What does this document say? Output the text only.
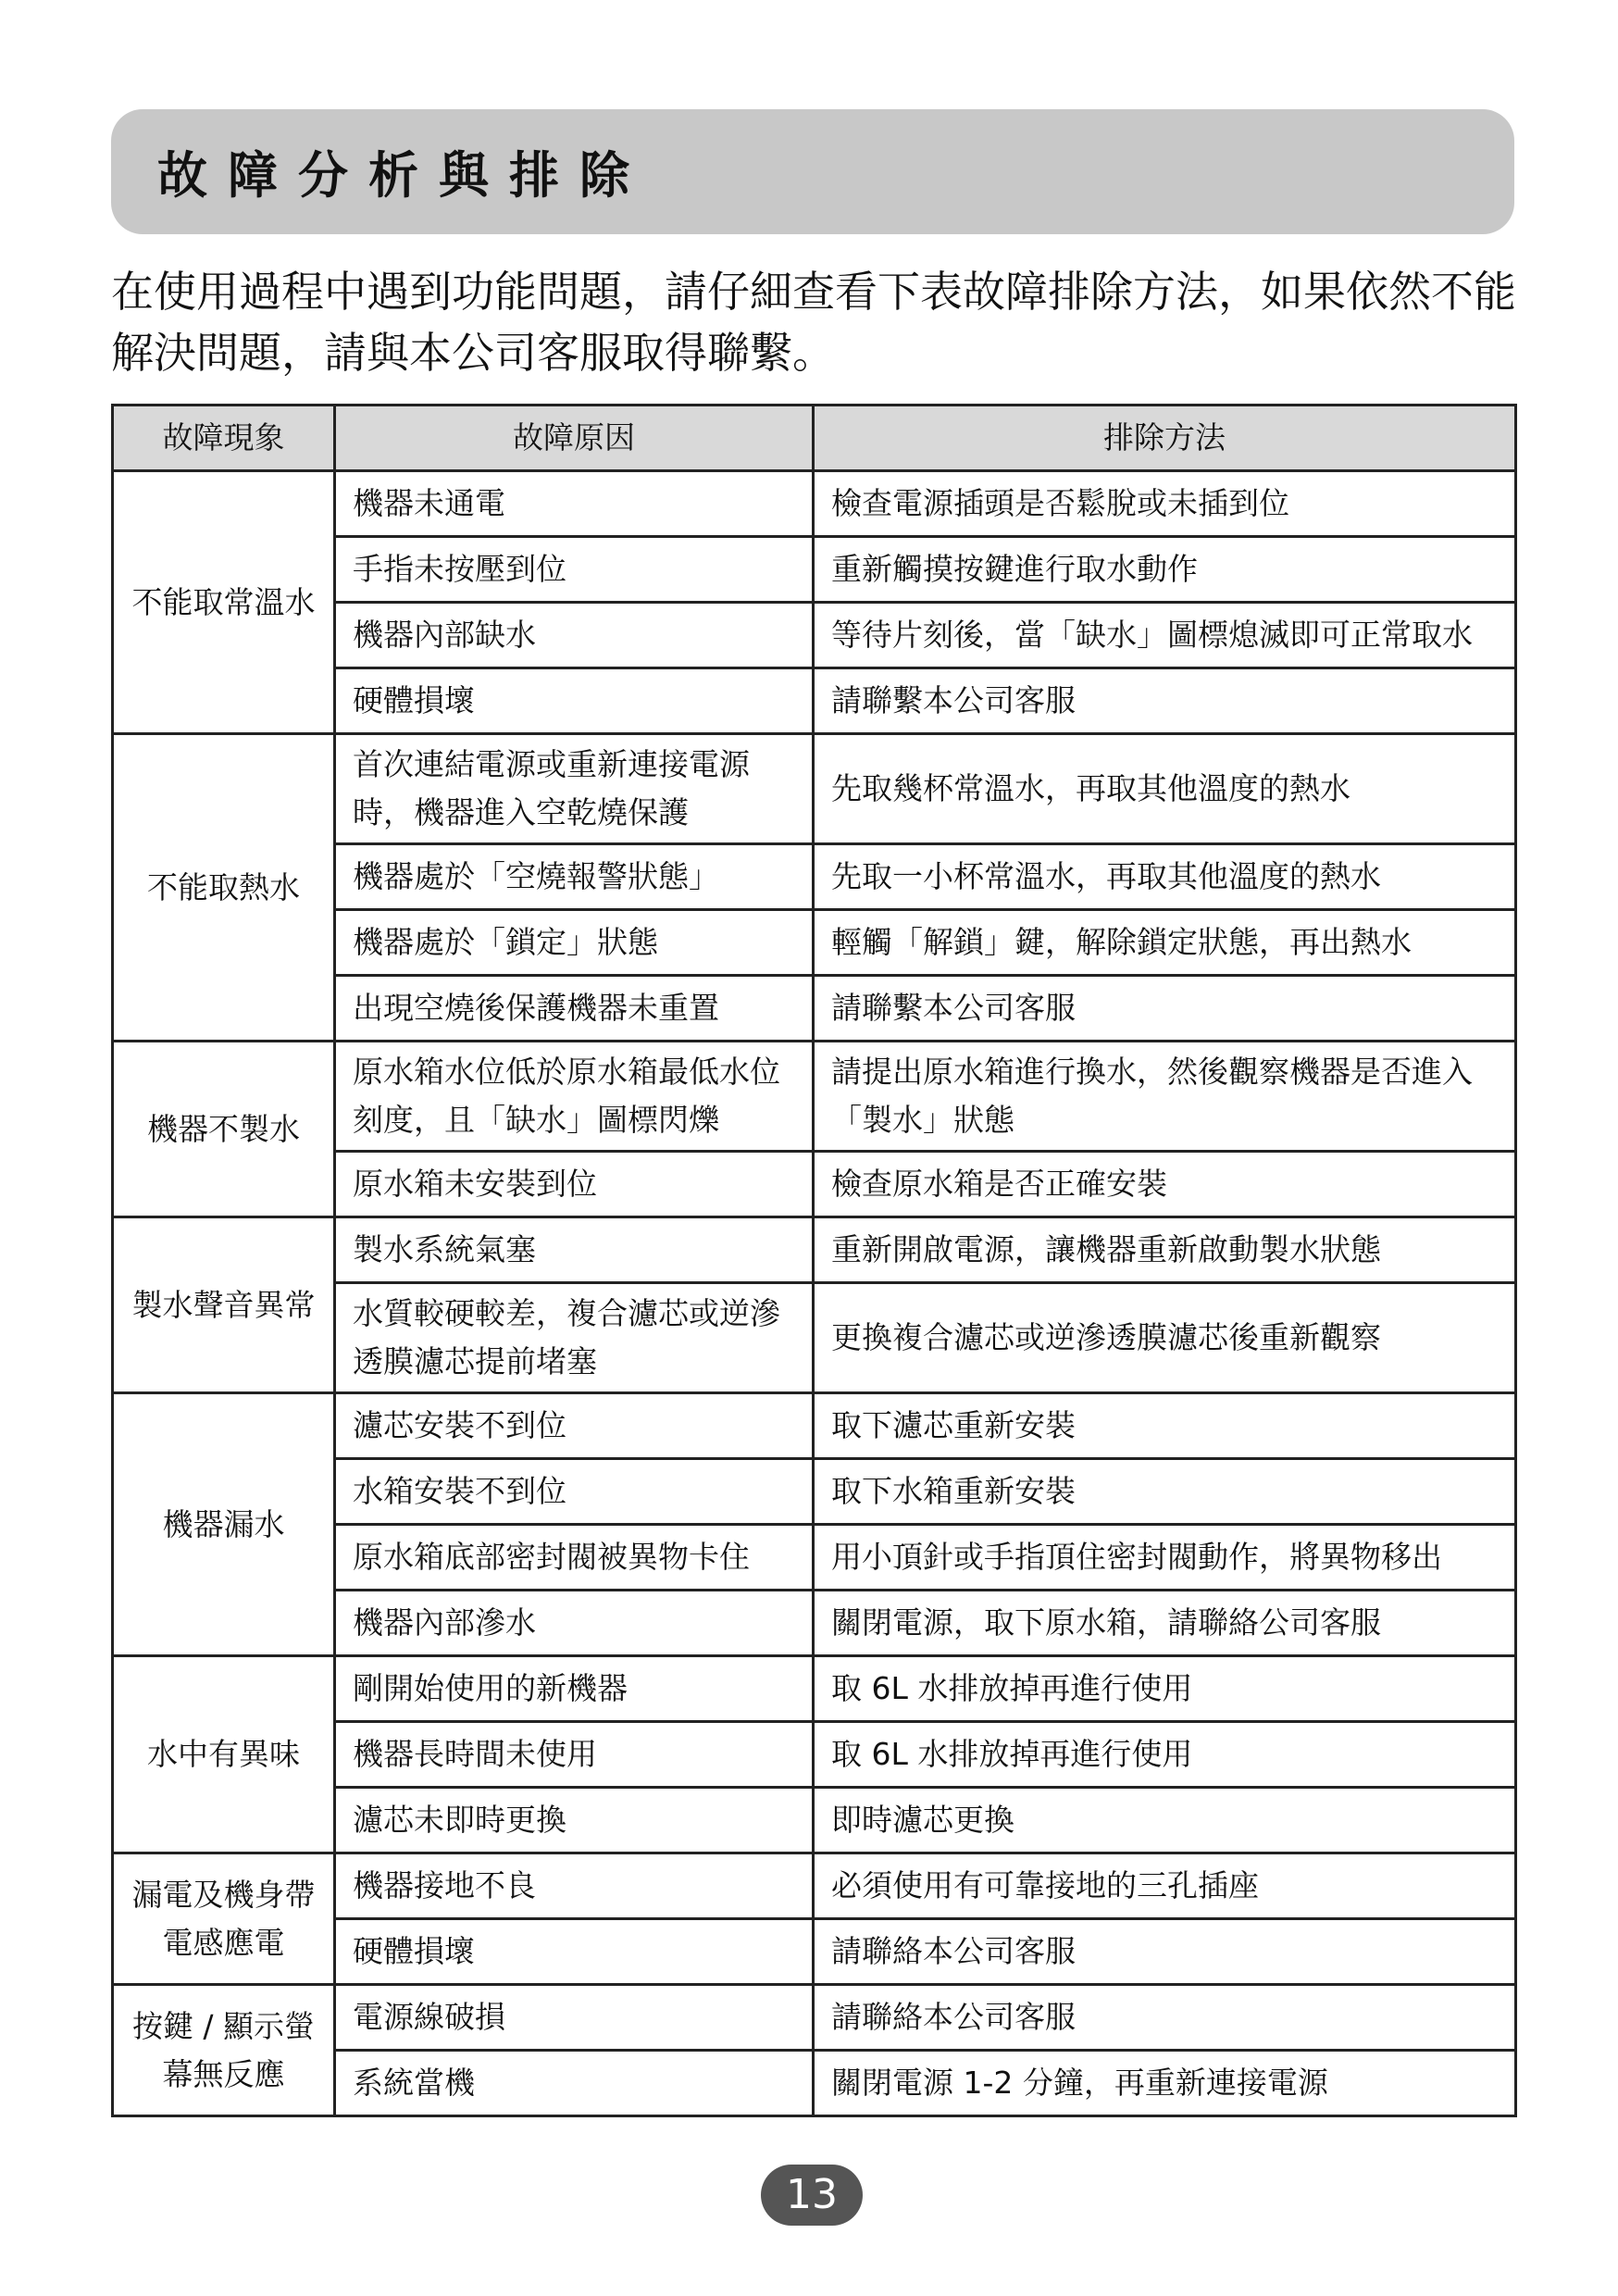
故障分析與排除

在使用過程中遇到功能問題，請仔細查看下表故障排除方法，如果依然不能解決問題，請與本公司客服取得聯繫。

故障現象	故障原因	排除方法
不能取常溫水	機器未通電	檢查電源插頭是否鬆脫或未插到位
	手指未按壓到位	重新觸摸按鍵進行取水動作
	機器內部缺水	等待片刻後，當「缺水」圖標熄滅即可正常取水
	硬體損壞	請聯繫本公司客服
不能取熱水	首次連結電源或重新連接電源時，機器進入空乾燒保護	先取幾杯常溫水，再取其他溫度的熱水
	機器處於「空燒報警狀態」	先取一小杯常溫水，再取其他溫度的熱水
	機器處於「鎖定」狀態	輕觸「解鎖」鍵，解除鎖定狀態，再出熱水
	出現空燒後保護機器未重置	請聯繫本公司客服
機器不製水	原水箱水位低於原水箱最低水位刻度，且「缺水」圖標閃爍	請提出原水箱進行換水，然後觀察機器是否進入「製水」狀態
	原水箱未安裝到位	檢查原水箱是否正確安裝
製水聲音異常	製水系統氣塞	重新開啟電源，讓機器重新啟動製水狀態
	水質較硬較差，複合濾芯或逆滲透膜濾芯提前堵塞	更換複合濾芯或逆滲透膜濾芯後重新觀察
機器漏水	濾芯安裝不到位	取下濾芯重新安裝
	水箱安裝不到位	取下水箱重新安裝
	原水箱底部密封閥被異物卡住	用小頂針或手指頂住密封閥動作，將異物移出
	機器內部滲水	關閉電源，取下原水箱，請聯絡公司客服
水中有異味	剛開始使用的新機器	取 6L 水排放掉再進行使用
	機器長時間未使用	取 6L 水排放掉再進行使用
	濾芯未即時更換	即時濾芯更換
漏電及機身帶電感應電	機器接地不良	必須使用有可靠接地的三孔插座
	硬體損壞	請聯絡本公司客服
按鍵 / 顯示螢幕無反應	電源線破損	請聯絡本公司客服
	系統當機	關閉電源 1-2 分鐘，再重新連接電源
13
